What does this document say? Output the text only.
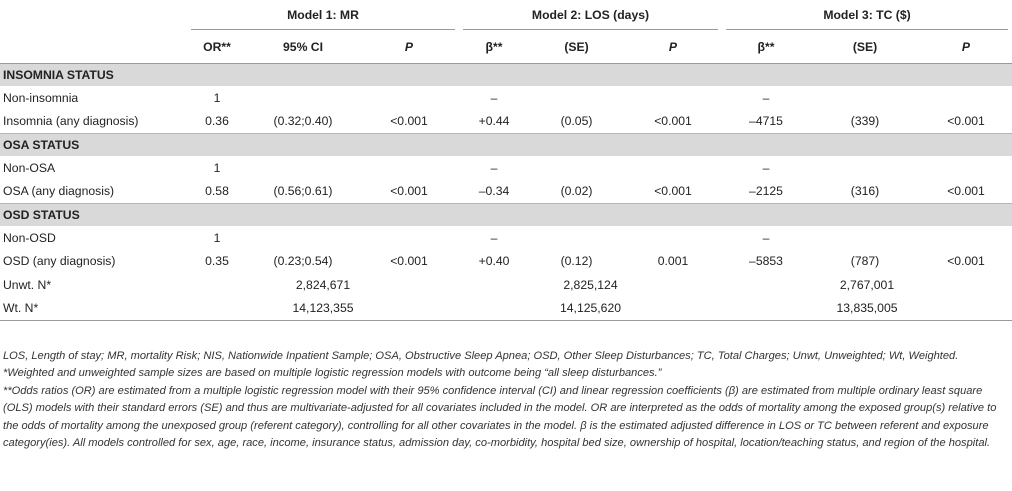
	Model 1: MR			Model 2: LOS (days)			Model 3: TC ($)		

	OR**	95% CI	P	β**	(SE)	P	β**	(SE)	P
INSOMNIA STATUS									
Non-insomnia	1			–			–		
Insomnia (any diagnosis)	0.36	(0.32;0.40)	<0.001	+0.44	(0.05)	<0.001	–4715	(339)	<0.001
OSA STATUS									
Non-OSA	1			–			–		
OSA (any diagnosis)	0.58	(0.56;0.61)	<0.001	–0.34	(0.02)	<0.001	–2125	(316)	<0.001
OSD STATUS									
Non-OSD	1			–			–		
OSD (any diagnosis)	0.35	(0.23;0.54)	<0.001	+0.40	(0.12)	0.001	–5853	(787)	<0.001
Unwt. N*	2,824,671			2,825,124			2,767,001		
Wt. N*	14,123,355			14,125,620			13,835,005		

LOS, Length of stay; MR, mortality Risk; NIS, Nationwide Inpatient Sample; OSA, Obstructive Sleep Apnea; OSD, Other Sleep Disturbances; TC, Total Charges; Unwt, Unweighted; Wt, Weighted.

*Weighted and unweighted sample sizes are based on multiple logistic regression models with outcome being “all sleep disturbances.”

**Odds ratios (OR) are estimated from a multiple logistic regression model with their 95% confidence interval (CI) and linear regression coefficients (β) are estimated from multiple ordinary least square (OLS) models with their standard errors (SE) and thus are multivariate-adjusted for all covariates included in the model. OR are interpreted as the odds of mortality among the exposed group(s) relative to the odds of mortality among the unexposed group (referent category), controlling for all other covariates in the model. β is the estimated adjusted difference in LOS or TC between referent and exposure category(ies). All models controlled for sex, age, race, income, insurance status, admission day, co-morbidity, hospital bed size, ownership of hospital, location/teaching status, and region of the hospital.
